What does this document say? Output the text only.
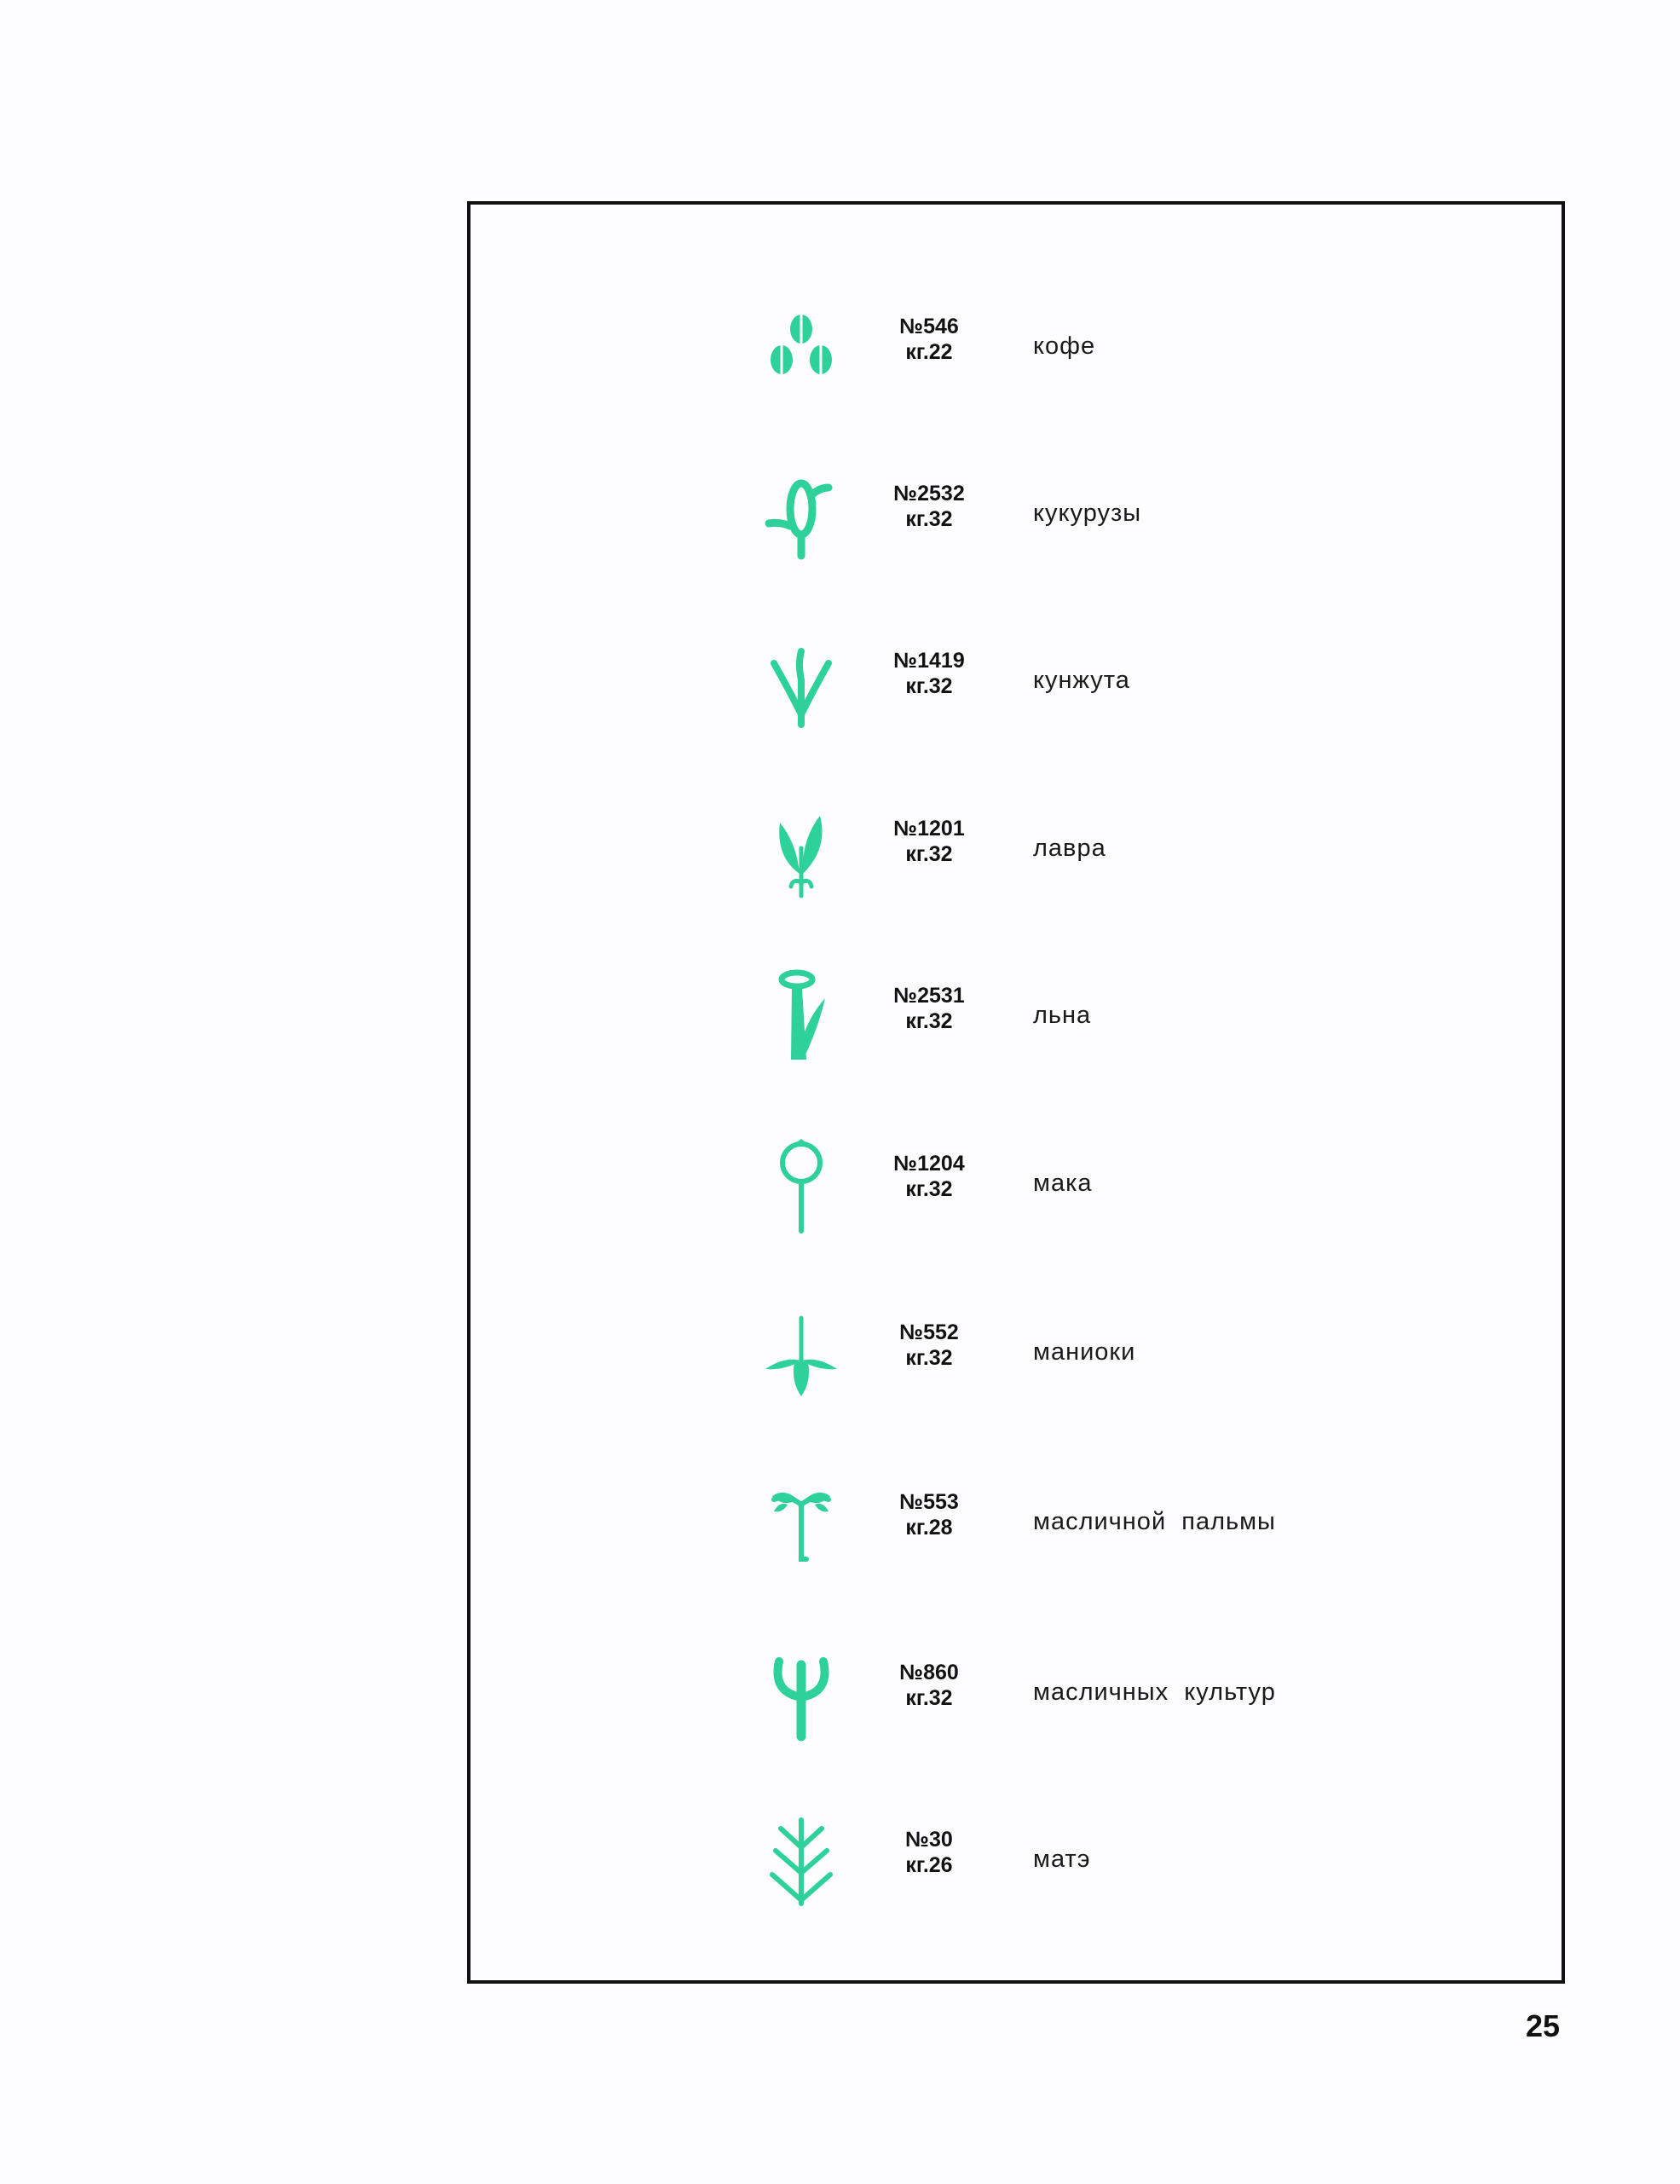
№546
кг.22	кофе
№2532
кг.32	кукурузы
№1419
кг.32	кунжута
№1201
кг.32	лавра
№2531
кг.32	льна
№1204
кг.32	мака
№552
кг.32	маниоки
№553
кг.28	масличной  пальмы
№860
кг.32	масличных  культур
№30
кг.26	матэ
25
